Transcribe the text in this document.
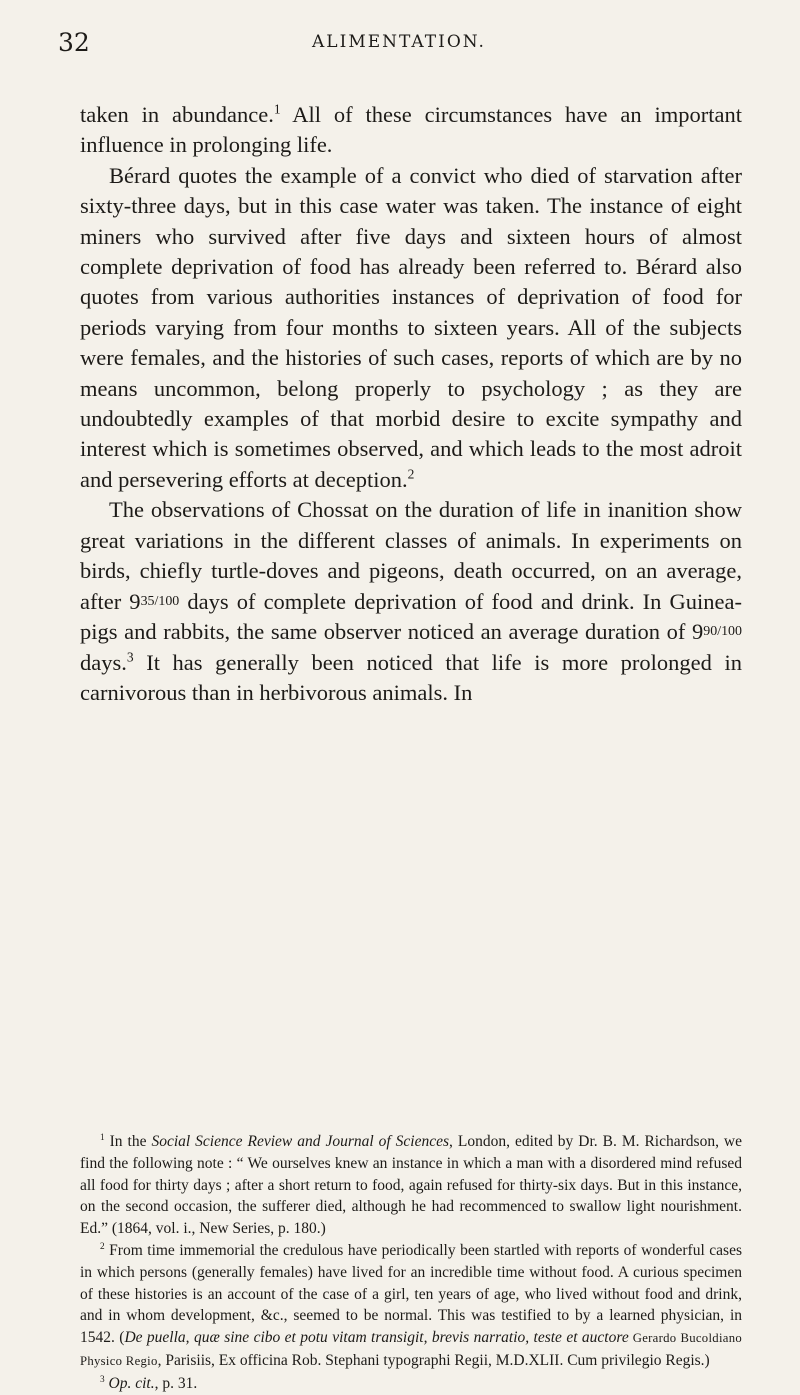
32	ALIMENTATION.

taken in abundance.$^1$ All of these circumstances have an important influence in prolonging life.

Bérard quotes the example of a convict who died of starvation after sixty-three days, but in this case water was taken. The instance of eight miners who survived after five days and sixteen hours of almost complete deprivation of food has already been referred to. Bérard also quotes from various authorities instances of deprivation of food for periods varying from four months to sixteen years. All of the subjects were females, and the histories of such cases, reports of which are by no means uncommon, belong properly to psychology ; as they are undoubtedly examples of that morbid desire to excite sympathy and interest which is sometimes observed, and which leads to the most adroit and persevering efforts at deception.$^2$

The observations of Chossat on the duration of life in inanition show great variations in the different classes of animals. In experiments on birds, chiefly turtle-doves and pigeons, death occurred, on an average, after 935/100 days of complete deprivation of food and drink. In Guinea-pigs and rabbits, the same observer noticed an average duration of 990/100 days.$^3$ It has generally been noticed that life is more prolonged in carnivorous than in herbivorous animals. In

$^1$ In the Social Science Review and Journal of Sciences, London, edited by Dr. B. M. Richardson, we find the following note : “ We ourselves knew an instance in which a man with a disordered mind refused all food for thirty days ; after a short return to food, again refused for thirty-six days. But in this instance, on the second occasion, the sufferer died, although he had recommenced to swallow light nourishment. Ed.” (1864, vol. i., New Series, p. 180.)

$^2$ From time immemorial the credulous have periodically been startled with reports of wonderful cases in which persons (generally females) have lived for an incredible time without food. A curious specimen of these histories is an account of the case of a girl, ten years of age, who lived without food and drink, and in whom development, &c., seemed to be normal. This was testified to by a learned physician, in 1542. (De puella, quæ sine cibo et potu vitam transigit, brevis narratio, teste et auctore Gerardo Bucoldiano Physico Regio, Parisiis, Ex officina Rob. Stephani typographi Regii, M.D.XLII. Cum privilegio Regis.)

$^3$ Op. cit., p. 31.
